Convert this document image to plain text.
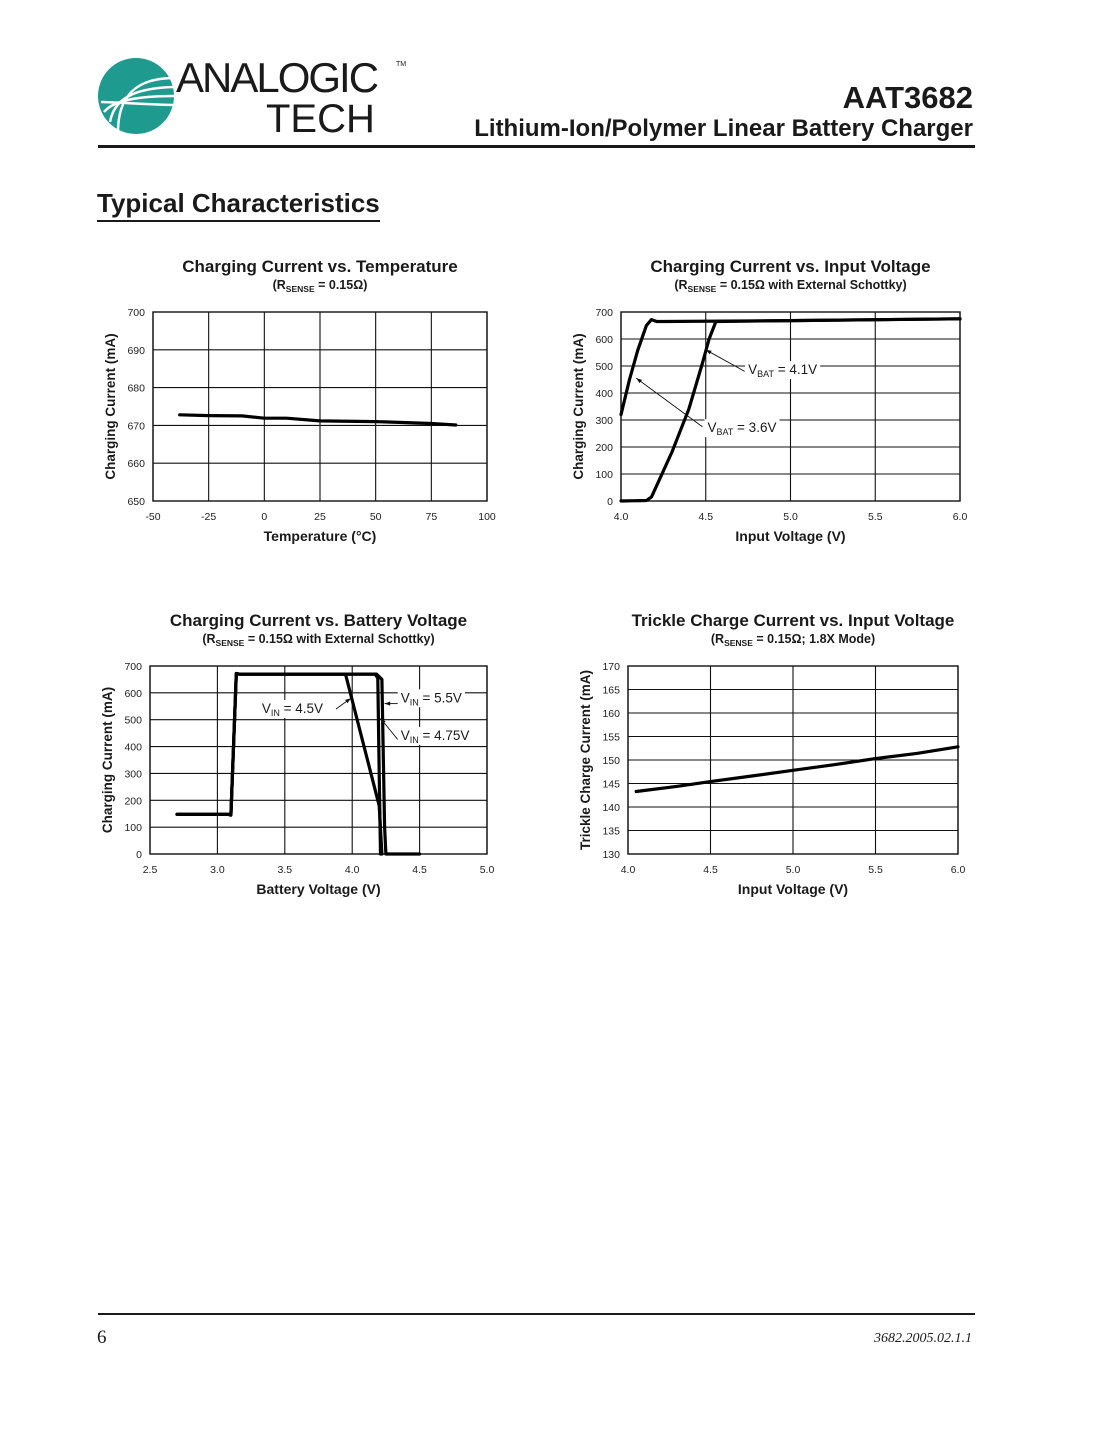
ANALOGIC
TECH
TM
AAT3682
Lithium-Ion/Polymer Linear Battery Charger
Typical Characteristics
Charging Current vs. Temperature
$(R_{SENSE} = 0.15\Omega)$
-50	-25	0	25	50	75	100
650
660
670
680
690
700
Temperature (°C)
Charging Current (mA)
Charging Current vs. Input Voltage
($R_{SENSE} = 0.15\Omega$ with External Schottky)
4.0	4.5	5.0	5.5	6.0
0
100
200
300
400
500
600
700
Input Voltage (V)
Charging Current (mA)	$V_{BAT} = 4.1V$
$V_{BAT} = 3.6V$
Charging Current vs. Battery Voltage
($R_{SENSE} = 0.15\Omega$ with External Schottky)
2.5	3.0	3.5	4.0	4.5	5.0
0
100
200
300
400
500
600
700
Battery Voltage (V)
Charging Current (mA)	$V_{IN} = 4.5V$
$V_{IN} = 5.5V$
$V_{IN} = 4.75V$
Trickle Charge Current vs. Input Voltage
($R_{SENSE} = 0.15\Omega$; 1.8X Mode)
4.0	4.5	5.0	5.5	6.0
130
135
140
145
150
155
160
165
170
Input Voltage (V)
Trickle Charge Current (mA)
6	3682.2005.02.1.1
